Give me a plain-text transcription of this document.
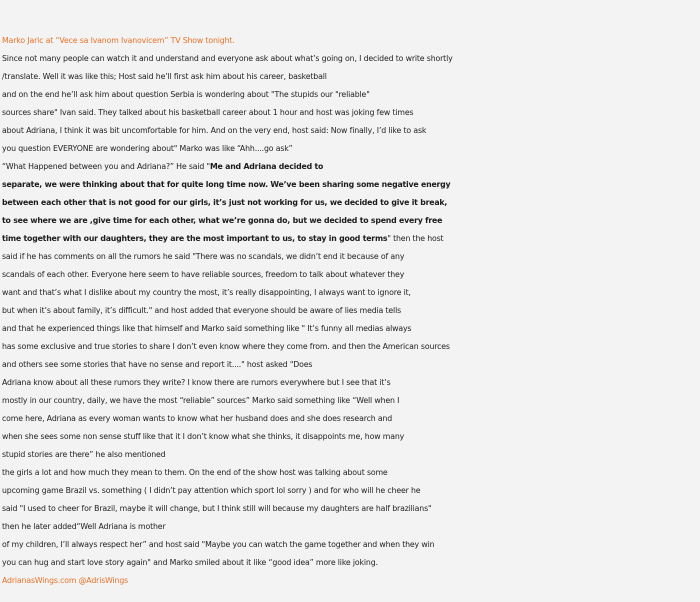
Marko Jaric at “Vece sa Ivanom Ivanovicem” TV Show tonight.
Since not many people can watch it and understand and everyone ask about what’s going on, I decided to write shortly
/translate. Well it was like this; Host said he’ll first ask him about his career, basketball
and on the end he’ll ask him about question Serbia is wondering about "The stupids our "reliable"
sources share" Ivan said. They talked about his basketball career about 1 hour and host was joking few times
about Adriana, I think it was bit uncomfortable for him. And on the very end, host said: Now finally, I’d like to ask
you question EVERYONE are wondering about" Marko was like “Ahh....go ask”
“What Happened between you and Adriana?” He said "Me and Adriana decided to
separate, we were thinking about that for quite long time now. We’ve been sharing some negative energy
between each other that is not good for our girls, it’s just not working for us, we decided to give it break,
to see where we are ,give time for each other, what we’re gonna do, but we decided to spend every free
time together with our daughters, they are the most important to us, to stay in good terms" then the host
said if he has comments on all the rumors he said "There was no scandals, we didn’t end it because of any
scandals of each other. Everyone here seem to have reliable sources, freedom to talk about whatever they
want and that’s what I dislike about my country the most, it’s really disappointing, I always want to ignore it,
but when it’s about family, it’s difficult." and host added that everyone should be aware of lies media tells
and that he experienced things like that himself and Marko said something like " It’s funny all medias always
has some exclusive and true stories to share I don’t even know where they come from. and then the American sources
and others see some stories that have no sense and report it...." host asked "Does
Adriana know about all these rumors they write? I know there are rumors everywhere but I see that it’s
mostly in our country, daily, we have the most “reliable” sources” Marko said something like “Well when I
come here, Adriana as every woman wants to know what her husband does and she does research and
when she sees some non sense stuff like that it I don’t know what she thinks, it disappoints me, how many
stupid stories are there” he also mentioned
the girls a lot and how much they mean to them. On the end of the show host was talking about some
upcoming game Brazil vs. something ( I didn’t pay attention which sport lol sorry ) and for who will he cheer he
said "I used to cheer for Brazil, maybe it will change, but I think still will because my daughters are half brazilians"
then he later added“Well Adriana is mother
of my children, I’ll always respect her” and host said "Maybe you can watch the game together and when they win
you can hug and start love story again" and Marko smiled about it like “good idea” more like joking.
AdrianasWings.com @AdrisWings
